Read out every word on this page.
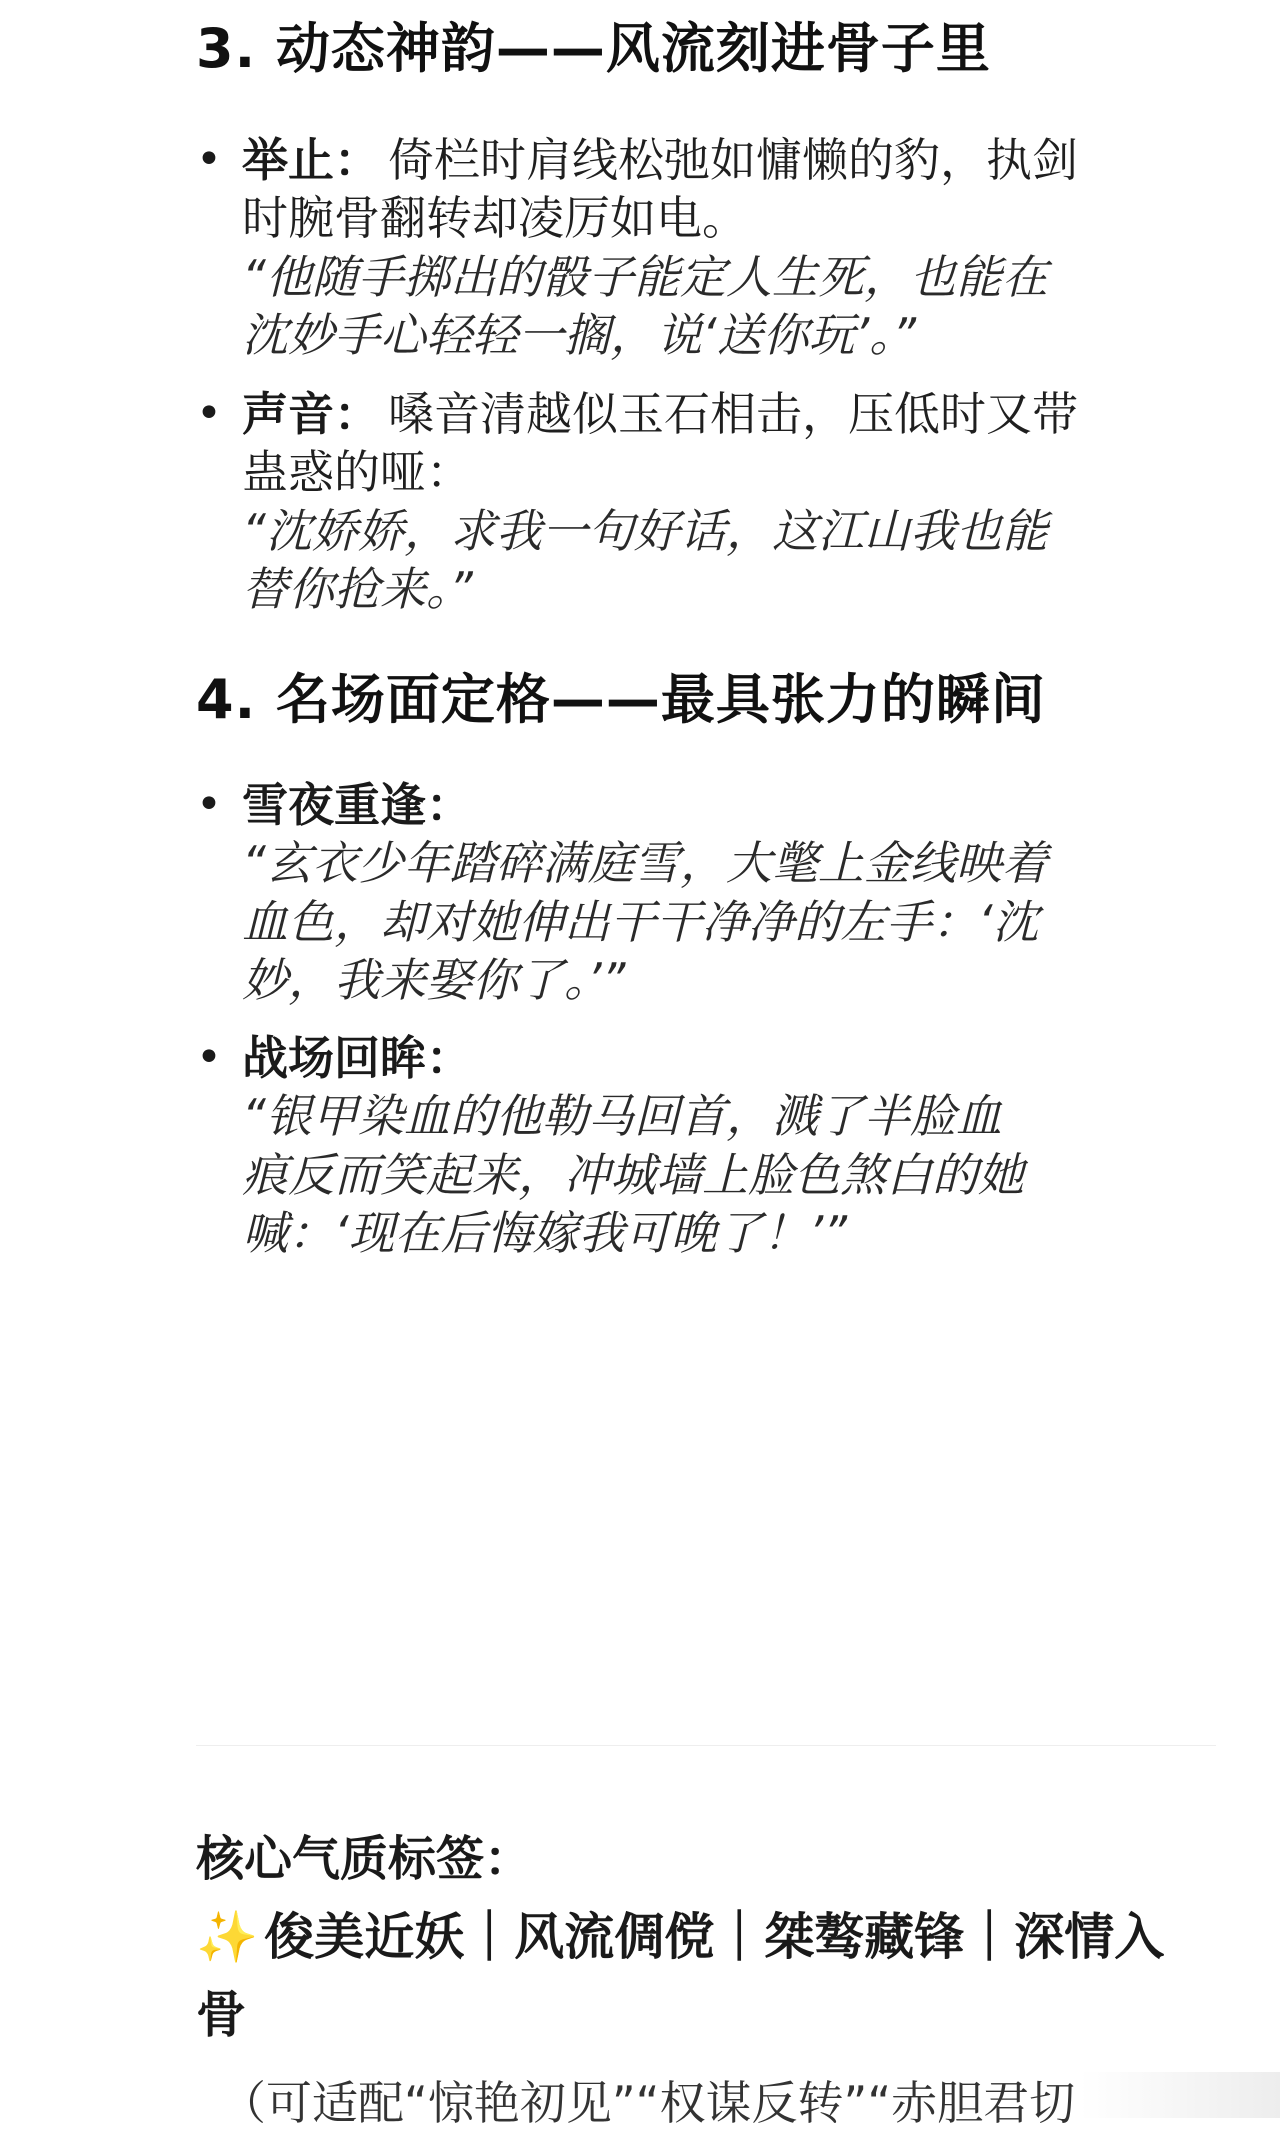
3. 动态神韵——风流刻进骨子里
• 举止： 倚栏时肩线松弛如慵懒的豹，执剑
时腕骨翻转却凌厉如电。
“他随手掷出的骰子能定人生死，也能在
沈妙手心轻轻一搁，说‘送你玩’。”
• 声音： 嗓音清越似玉石相击，压低时又带
蛊惑的哑：
“沈娇娇，求我一句好话，这江山我也能
替你抢来。”
4. 名场面定格——最具张力的瞬间
• 雪夜重逢：
“玄衣少年踏碎满庭雪，大氅上金线映着
血色，却对她伸出干干净净的左手：‘沈
妙，我来娶你了。’”
• 战场回眸：
“银甲染血的他勒马回首，溅了半脸血
痕反而笑起来，冲城墙上脸色煞白的她
喊：‘现在后悔嫁我可晚了！’”
核心气质标签：
✨ 俊美近妖｜风流倜傥｜桀骜藏锋｜深情入
骨
（可适配“惊艳初见”“权谋反转”“赤胆君切
